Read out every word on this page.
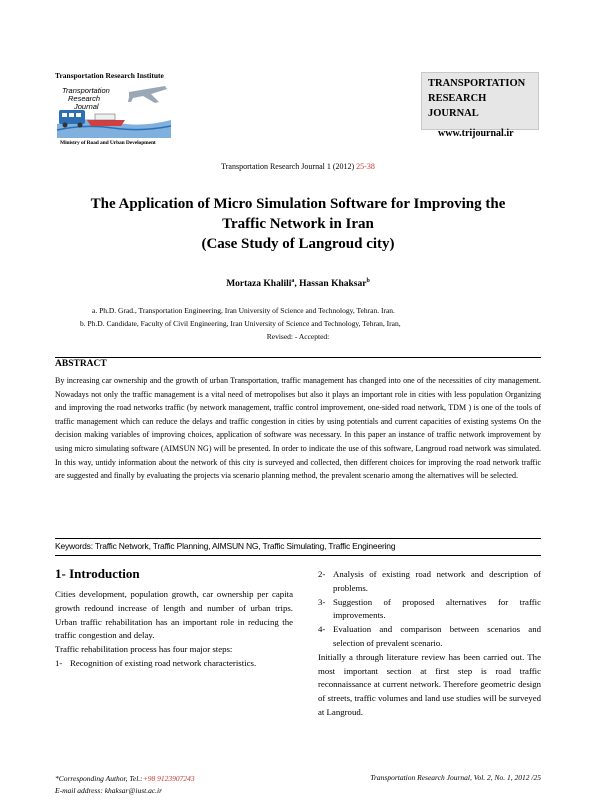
Transportation Research Institute
Transportation
Research
Journal
Ministry of Road and Urban Development
TRANSPORTATION
RESEARCH
JOURNAL
www.trijournal.ir
Transportation Research Journal 1 (2012) 25-38
The Application of Micro Simulation Software for Improving the
Traffic Network in Iran
(Case Study of Langroud city)
Mortaza Khalili$^a$, Hassan Khaksar$^b$
a. Ph.D. Grad., Transportation Engineering, Iran University of Science and Technology, Tehran. Iran.
b. Ph.D. Candidate, Faculty of Civil Engineering, Iran University of Science and Technology, Tehran, Iran,
Revised: - Accepted:
ABSTRACT
By increasing car ownership and the growth of urban Transportation, traffic management has changed into one of the necessities of city management. Nowadays not only the traffic management is a vital need of metropolises but also it plays an important role in cities with less population Organizing and improving the road networks traffic (by network management, traffic control improvement, one-sided road network, TDM ) is one of the tools of traffic management which can reduce the delays and traffic congestion in cities by using potentials and current capacities of existing systems On the decision making variables of improving choices, application of software was necessary. In this paper an instance of traffic network improvement by using micro simulating software (AIMSUN NG) will be presented. In order to indicate the use of this software, Langroud road network was simulated. In this way, untidy information about the network of this city is surveyed and collected, then different choices for improving the road network traffic are suggested and finally by evaluating the projects via scenario planning method, the prevalent scenario among the alternatives will be selected.
Keywords: Traffic Network, Traffic Planning, AIMSUN NG, Traffic Simulating, Traffic Engineering
1- Introduction

Cities development, population growth, car ownership per capita growth redound increase of length and number of urban trips. Urban traffic rehabilitation has an important role in reducing the traffic congestion and delay.

Traffic rehabilitation process has four major steps:

1- Recognition of existing road network characteristics.
2- Analysis of existing road network and description of problems.
3- Suggestion of proposed alternatives for traffic improvements.
4- Evaluation and comparison between scenarios and selection of prevalent scenario.

Initially a through literature review has been carried out. The most important section at first step is road traffic reconnaissance at current network. Therefore geometric design of streets, traffic volumes and land use studies will be surveyed at Langroud.

*Corresponding Author, Tel.:+98 9123907243
E-mail address: khaksar@iust.ac.ir
Transportation Research Journal, Vol. 2, No. 1, 2012 /25
